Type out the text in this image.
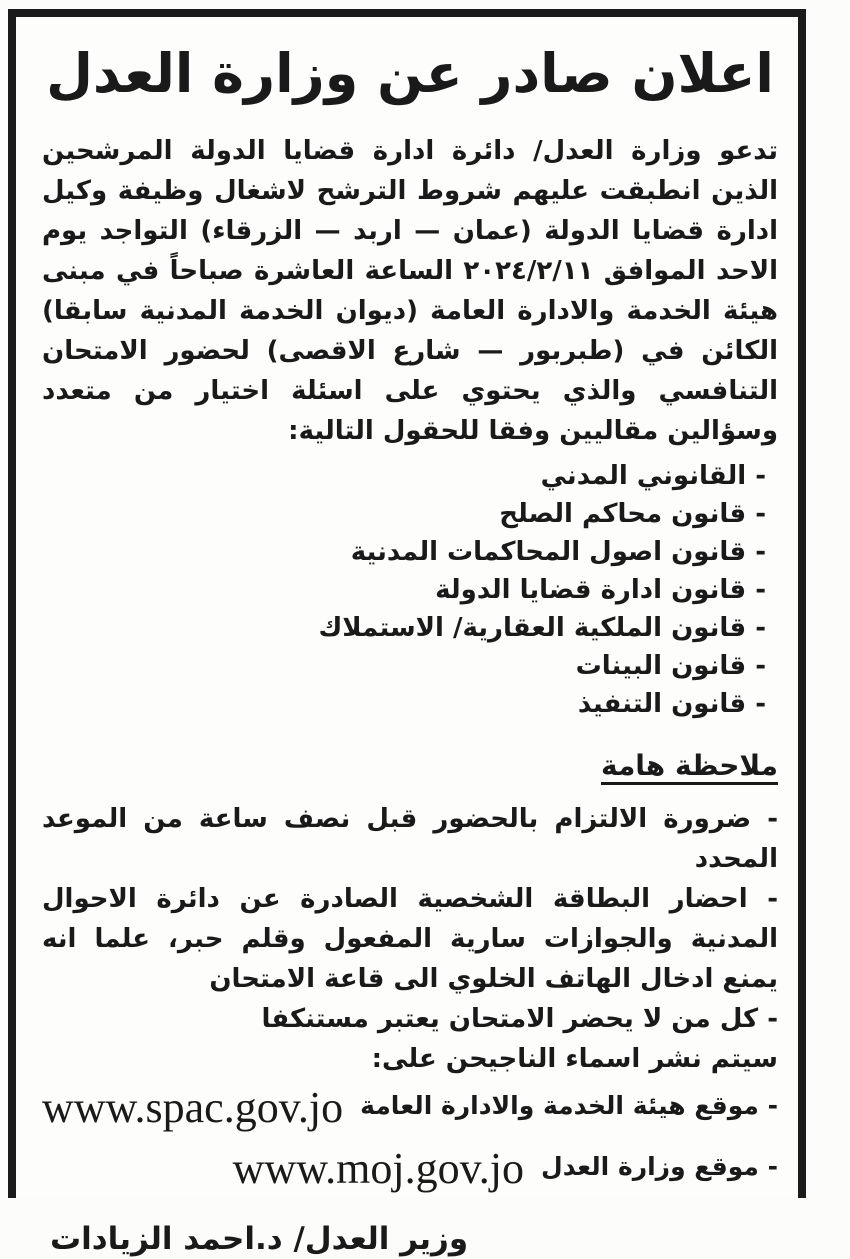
اعلان صادر عن وزارة العدل

تدعو وزارة العدل/ دائرة ادارة قضايا الدولة المرشحين الذين انطبقت عليهم شروط الترشح لاشغال وظيفة وكيل ادارة قضايا الدولة (عمان — اربد — الزرقاء) التواجد يوم الاحد الموافق ٢٠٢٤/٢/١١ الساعة العاشرة صباحاً في مبنى هيئة الخدمة والادارة العامة (ديوان الخدمة المدنية سابقا) الكائن في (طبربور — شارع الاقصى) لحضور الامتحان التنافسي والذي يحتوي على اسئلة اختيار من متعدد وسؤالين مقاليين وفقا للحقول التالية:

- القانوني المدني
- قانون محاكم الصلح
- قانون اصول المحاكمات المدنية
- قانون ادارة قضايا الدولة
- قانون الملكية العقارية/ الاستملاك
- قانون البينات
- قانون التنفيذ
ملاحظة هامة

- ضرورة الالتزام بالحضور قبل نصف ساعة من الموعد المحدد

- احضار البطاقة الشخصية الصادرة عن دائرة الاحوال المدنية والجوازات سارية المفعول وقلم حبر، علما انه يمنع ادخال الهاتف الخلوي الى قاعة الامتحان

- كل من لا يحضر الامتحان يعتبر مستنكفا

سيتم نشر اسماء الناجيحن على:

- موقع هيئة الخدمة والادارة العامة www.spac.gov.jo
- موقع وزارة العدل www.moj.gov.jo
وزير العدل/ د.احمد الزيادات
